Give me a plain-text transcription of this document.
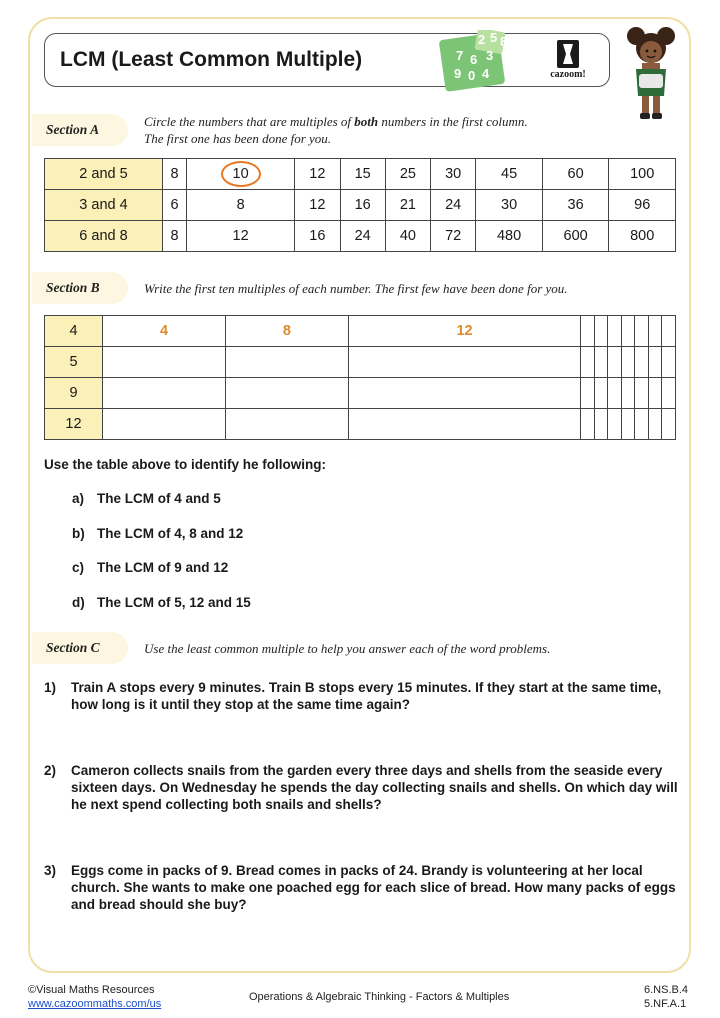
LCM (Least Common Multiple)
2 5 8
7 6 3
9 0 4	cazoom!
Section A
Circle the numbers that are multiples of both numbers in the first column.
The first one has been done for you.
2 and 5	8	10	12	15	25	30	45	60	100
3 and 4	6	8	12	16	21	24	30	36	96
6 and 8	8	12	16	24	40	72	480	600	800
Section B	Write the first ten multiples of each number. The first few have been done for you.
4	4	8	12							
5										
9										
12										
Use the table above to identify he following:
a) The LCM of 4 and 5
b) The LCM of 4, 8 and 12
c) The LCM of 9 and 12
d) The LCM of 5, 12 and 15
Section C	Use the least common multiple to help you answer each of the word problems.
1) Train A stops every 9 minutes. Train B stops every 15 minutes. If they start at the same time, how long is it until they stop at the same time again?
2) Cameron collects snails from the garden every three days and shells from the seaside every sixteen days. On Wednesday he spends the day collecting snails and shells. On which day will he next spend collecting both snails and shells?
3) Eggs come in packs of 9. Bread comes in packs of 24. Brandy is volunteering at her local church. She wants to make one poached egg for each slice of bread. How many packs of eggs and bread should she buy?
©Visual Maths Resources
www.cazoommaths.com/us
Operations & Algebraic Thinking - Factors & Multiples
6.NS.B.4
5.NF.A.1
